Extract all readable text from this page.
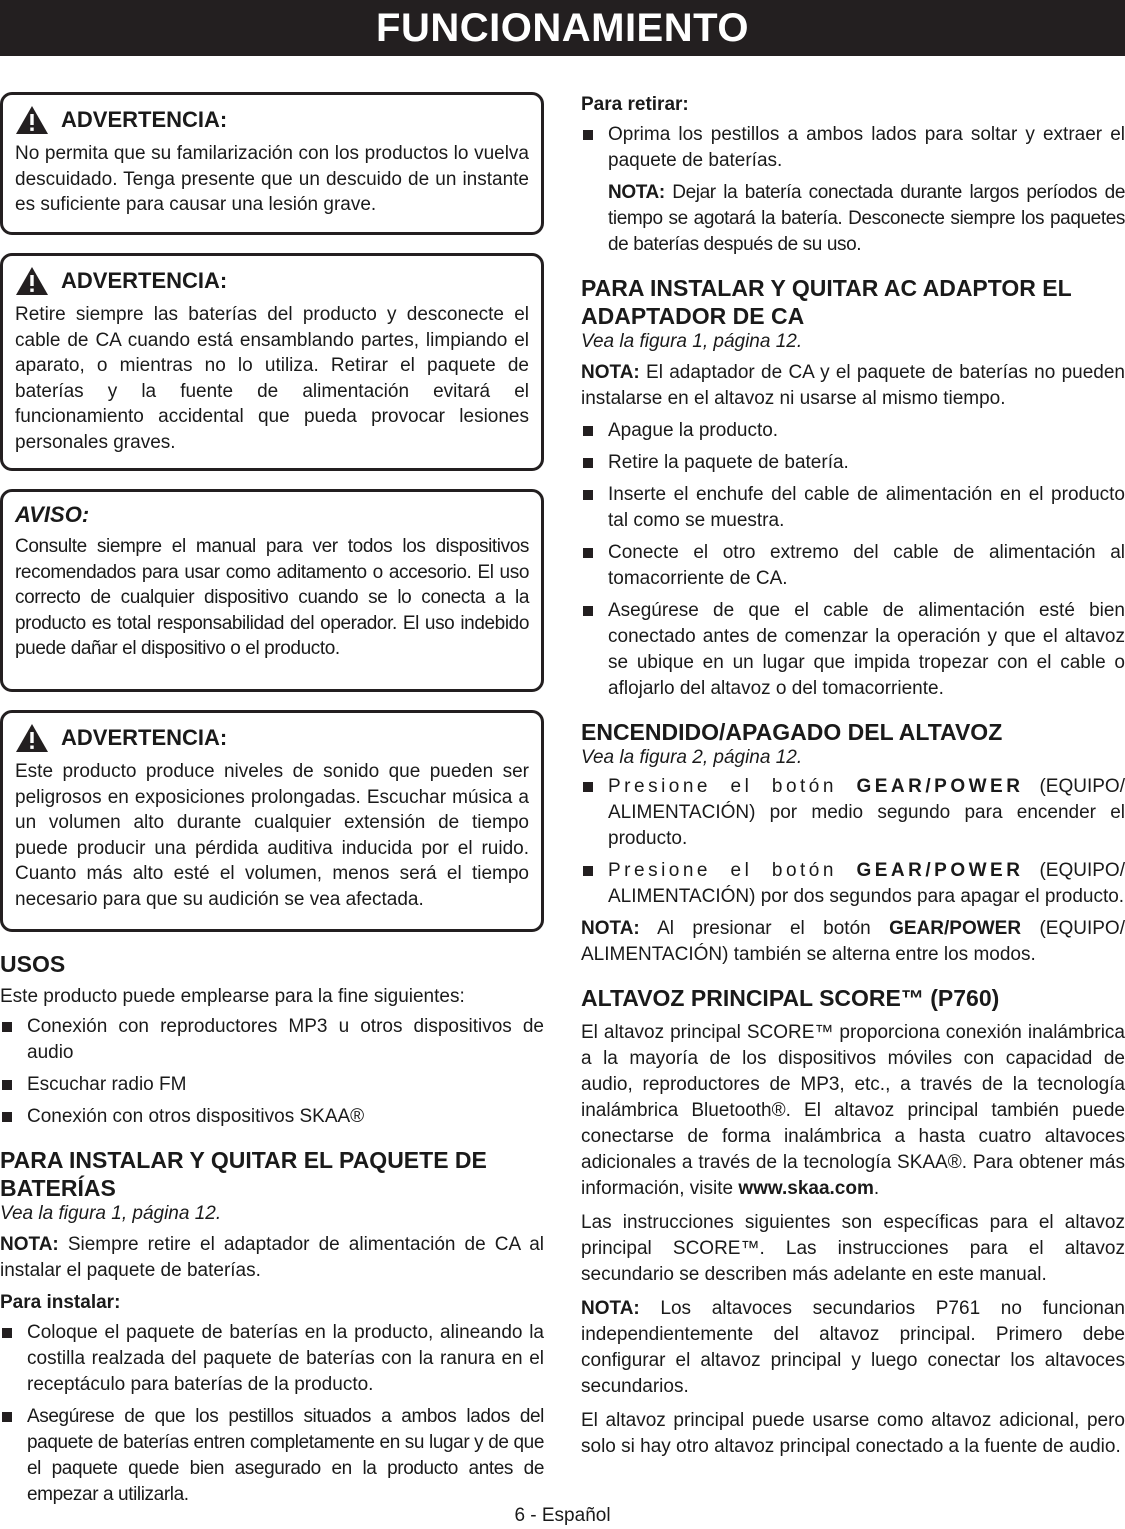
FUNCIONAMIENTO
ADVERTENCIA:

No permita que su familarización con los productos lo vuelva descuidado. Tenga presente que un descuido de un instante es suficiente para causar una lesión grave.

ADVERTENCIA:

Retire siempre las baterías del producto y desconecte el cable de CA cuando está ensamblando partes, limpiando el aparato, o mientras no lo utiliza. Retirar el paquete de baterías y la fuente de alimentación evitará el funcionamiento accidental que pueda provocar lesiones personales graves.

AVISO:

Consulte siempre el manual para ver todos los dispositivos recomendados para usar como aditamento o accesorio. El uso correcto de cualquier dispositivo cuando se lo conecta a la producto es total responsabilidad del operador. El uso indebido puede dañar el dispositivo o el producto.

ADVERTENCIA:

Este producto produce niveles de sonido que pueden ser peligrosos en exposiciones prolongadas. Escuchar música a un volumen alto durante cualquier extensión de tiempo puede producir una pérdida auditiva inducida por el ruido. Cuanto más alto esté el volumen, menos será el tiempo necesario para que su audición se vea afectada.

USOS

Este producto puede emplearse para la fine siguientes:

Conexión con reproductores MP3 u otros dispositivos de audio
Escuchar radio FM
Conexión con otros dispositivos SKAA®
PARA INSTALAR Y QUITAR EL PAQUETE DE BATERÍAS

Vea la figura 1, página 12.

NOTA: Siempre retire el adaptador de alimentación de CA al instalar el paquete de baterías.

Para instalar:

Coloque el paquete de baterías en la producto, alineando la costilla realzada del paquete de baterías con la ranura en el receptáculo para baterías de la producto.
Asegúrese de que los pestillos situados a ambos lados del paquete de baterías entren completamente en su lugar y de que el paquete quede bien asegurado en la producto antes de empezar a utilizarla.

Para retirar:

Oprima los pestillos a ambos lados para soltar y extraer el paquete de baterías.

NOTA: Dejar la batería conectada durante largos períodos de tiempo se agotará la batería. Desconecte siempre los paquetes de baterías después de su uso.

PARA INSTALAR Y QUITAR AC ADAPTOR EL ADAPTADOR DE CA

Vea la figura 1, página 12.

NOTA: El adaptador de CA y el paquete de baterías no pueden instalarse en el altavoz ni usarse al mismo tiempo.

Apague la producto.
Retire la paquete de batería.
Inserte el enchufe del cable de alimentación en el producto tal como se muestra.
Conecte el otro extremo del cable de alimentación al tomacorriente de CA.
Asegúrese de que el cable de alimentación esté bien conectado antes de comenzar la operación y que el altavoz se ubique en un lugar que impida tropezar con el cable o aflojarlo del altavoz o del tomacorriente.
ENCENDIDO/APAGADO DEL ALTAVOZ

Vea la figura 2, página 12.

Presione el botón GEAR/POWER (EQUIPO/ ALIMENTACIÓN) por medio segundo para encender el producto.
Presione el botón GEAR/POWER (EQUIPO/ ALIMENTACIÓN) por dos segundos para apagar el producto.

NOTA: Al presionar el botón GEAR/POWER (EQUIPO/ ALIMENTACIÓN) también se alterna entre los modos.

ALTAVOZ PRINCIPAL SCORE™ (P760)

El altavoz principal SCORE™ proporciona conexión inalámbrica a la mayoría de los dispositivos móviles con capacidad de audio, reproductores de MP3, etc., a través de la tecnología inalámbrica Bluetooth®. El altavoz principal también puede conectarse de forma inalámbrica a hasta cuatro altavoces adicionales a través de la tecnología SKAA®. Para obtener más información, visite www.skaa.com.

Las instrucciones siguientes son específicas para el altavoz principal SCORE™. Las instrucciones para el altavoz secundario se describen más adelante en este manual.

NOTA: Los altavoces secundarios P761 no funcionan independientemente del altavoz principal. Primero debe configurar el altavoz principal y luego conectar los altavoces secundarios.

El altavoz principal puede usarse como altavoz adicional, pero solo si hay otro altavoz principal conectado a la fuente de audio.

6 - Español
